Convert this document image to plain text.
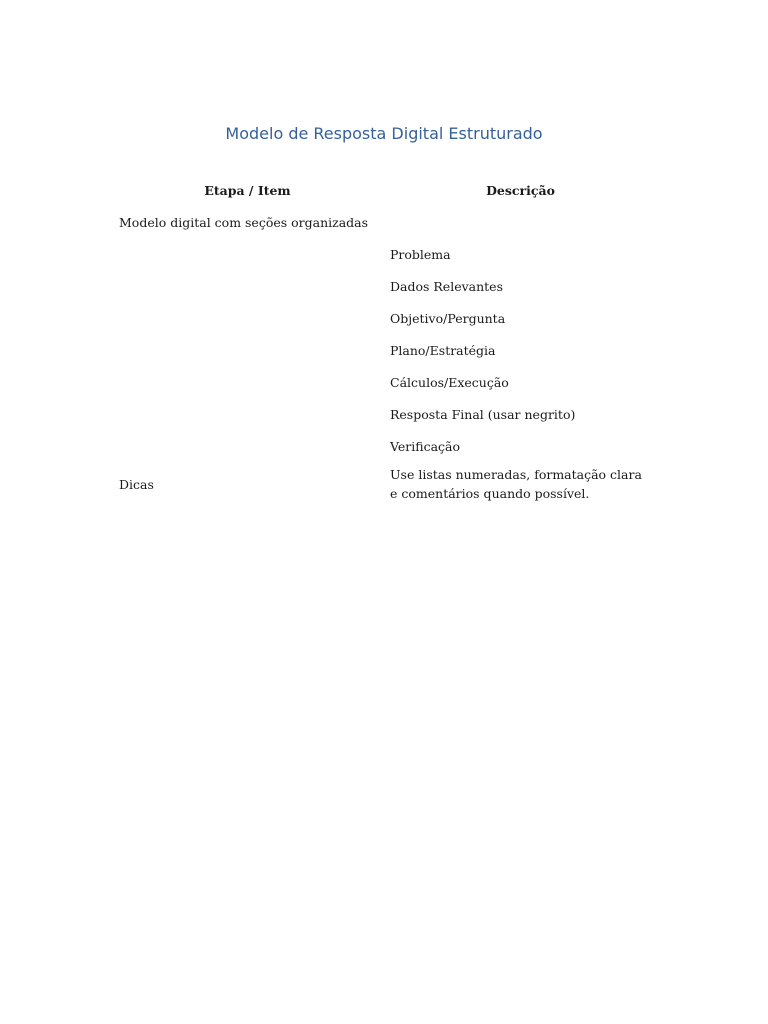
Modelo de Resposta Digital Estruturado
Etapa / Item	Descrição
Modelo digital com seções organizadas	
	Problema
	Dados Relevantes
	Objetivo/Pergunta
	Plano/Estratégia
	Cálculos/Execução
	Resposta Final (usar negrito)
	Verificação
Dicas	Use listas numeradas, formatação clara e comentários quando possível.
